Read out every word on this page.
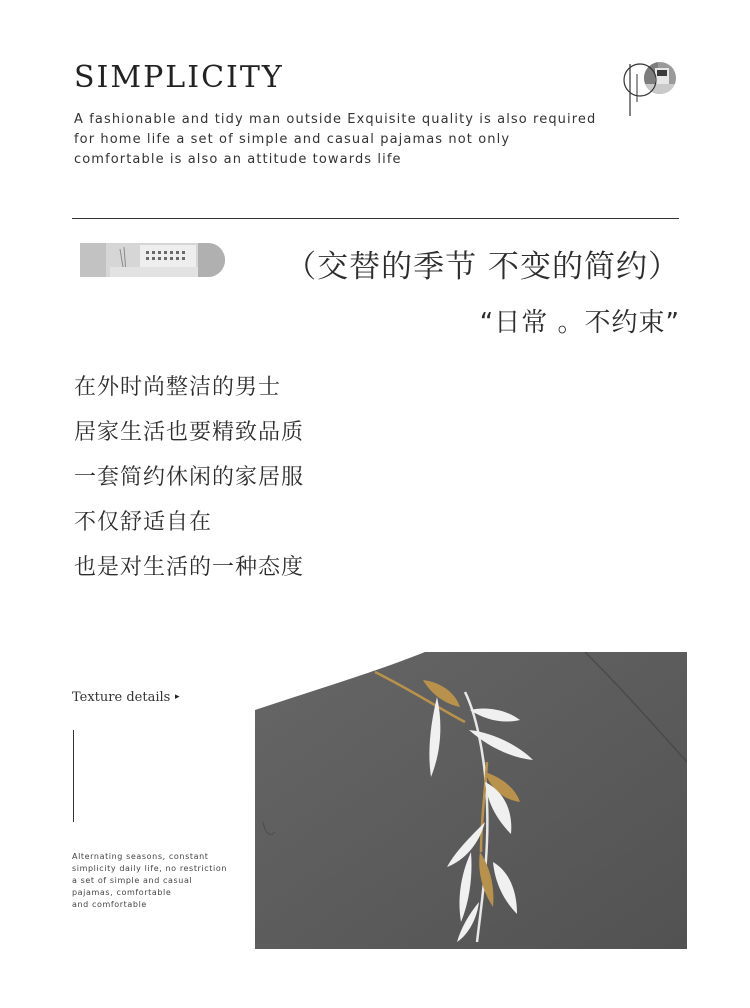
SIMPLICITY
A fashionable and tidy man outside Exquisite quality is also required
for home life a set of simple and casual pajamas not only
comfortable is also an attitude towards life
（交替的季节 不变的简约）
“日常 。不约束”
在外时尚整洁的男士
居家生活也要精致品质
一套简约休闲的家居服
不仅舒适自在
也是对生活的一种态度
Texture details ▸
Alternating seasons, constant
simplicity daily life, no restriction
a set of simple and casual
pajamas, comfortable
and comfortable
